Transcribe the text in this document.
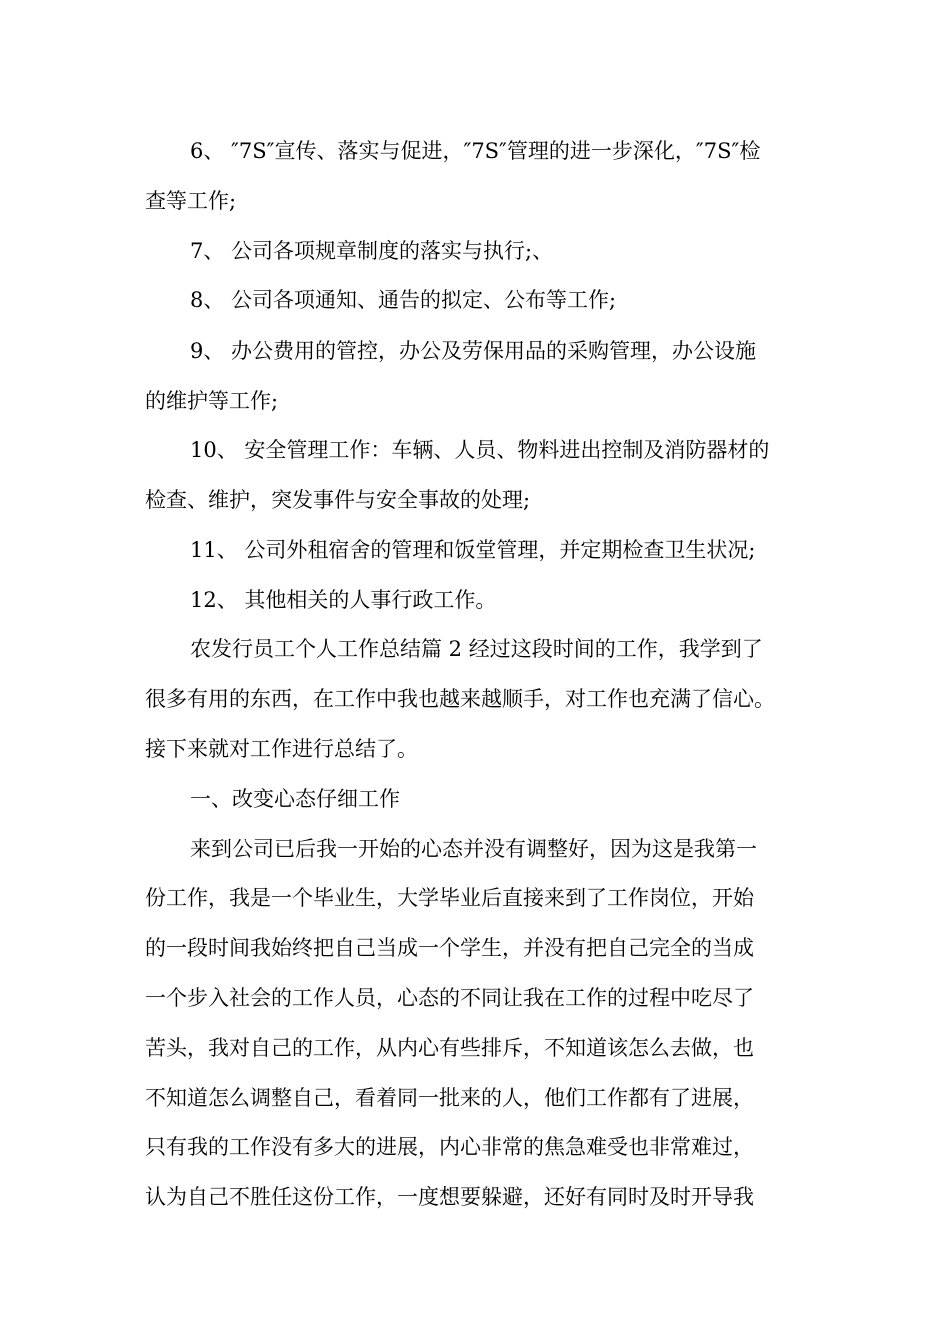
6、 ″7S″宣传、落实与促进，″7S″管理的进一步深化，″7S″检
查等工作;
7、 公司各项规章制度的落实与执行;、
8、 公司各项通知、通告的拟定、公布等工作;
9、 办公费用的管控，办公及劳保用品的采购管理，办公设施
的维护等工作;
10、 安全管理工作：车辆、人员、物料进出控制及消防器材的
检查、维护，突发事件与安全事故的处理;
11、 公司外租宿舍的管理和饭堂管理，并定期检查卫生状况;
12、 其他相关的人事行政工作。
农发行员工个人工作总结篇 2 经过这段时间的工作，我学到了
很多有用的东西，在工作中我也越来越顺手，对工作也充满了信心。
接下来就对工作进行总结了。
一、改变心态仔细工作
来到公司已后我一开始的心态并没有调整好，因为这是我第一
份工作，我是一个毕业生，大学毕业后直接来到了工作岗位，开始
的一段时间我始终把自己当成一个学生，并没有把自己完全的当成
一个步入社会的工作人员，心态的不同让我在工作的过程中吃尽了
苦头，我对自己的工作，从内心有些排斥，不知道该怎么去做，也
不知道怎么调整自己，看着同一批来的人，他们工作都有了进展，
只有我的工作没有多大的进展，内心非常的焦急难受也非常难过，
认为自己不胜任这份工作，一度想要躲避，还好有同时及时开导我
